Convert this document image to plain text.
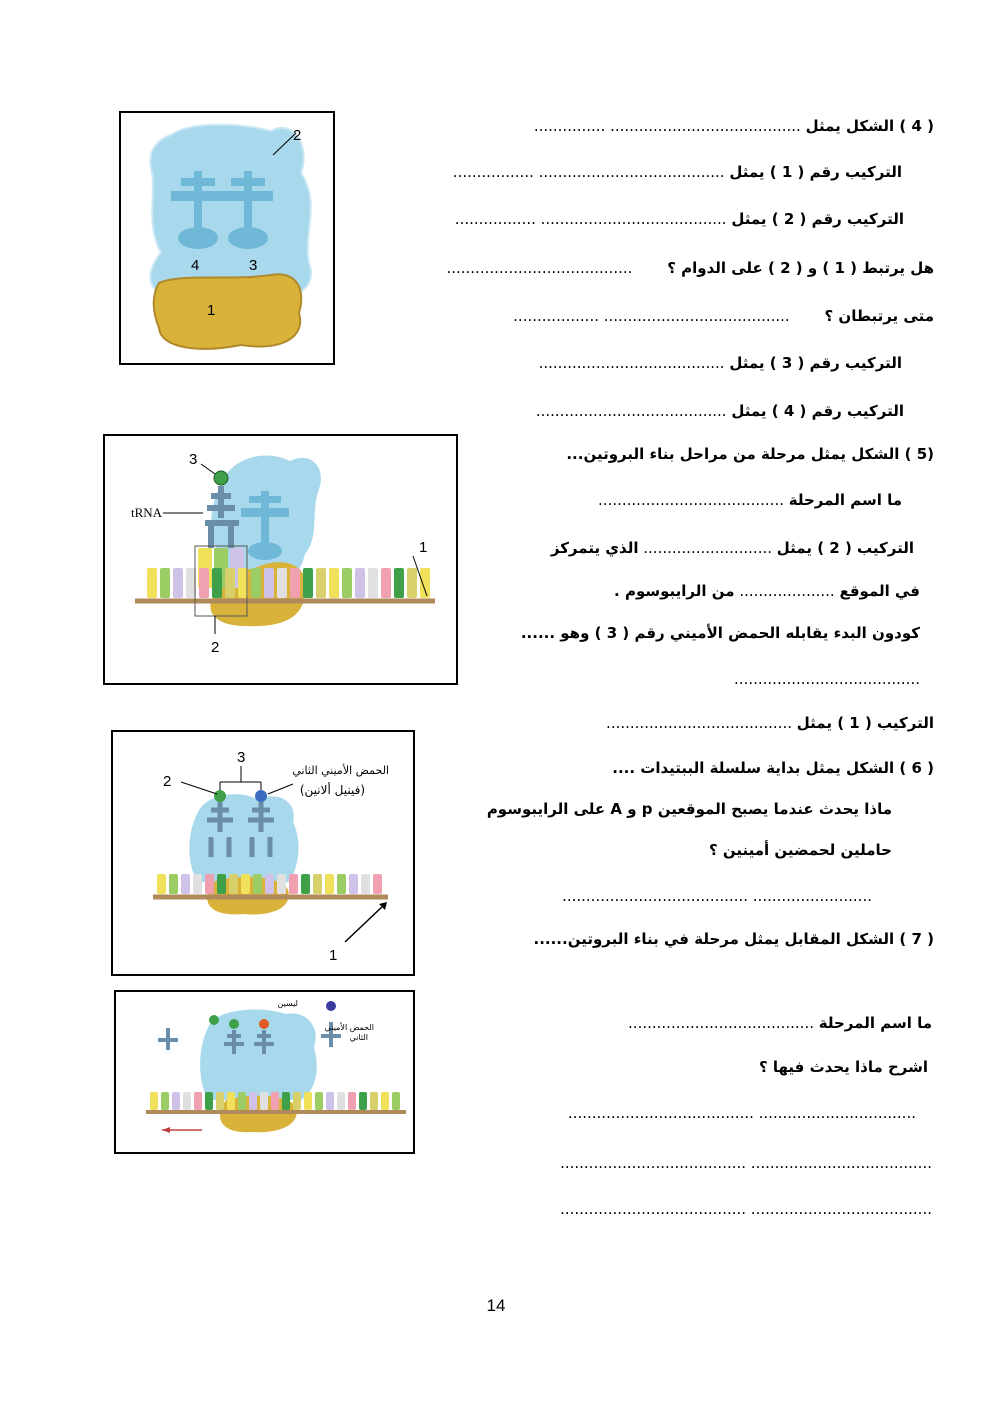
( 4 ) الشكل يمثل ........................................ ...............
التركيب رقم ( 1 ) يمثل ....................................... .................
التركيب رقم ( 2 ) يمثل ....................................... .................
هل يرتبط ( 1 ) و ( 2 ) على الدوام ؟ .......................................
متى يرتبطان ؟ ....................................... ..................
التركيب رقم ( 3 ) يمثل .......................................
التركيب رقم ( 4 ) يمثل ........................................
2
4	3
1
(5 ) الشكل يمثل مرحلة من مراحل بناء البروتين...
ما اسم المرحلة .......................................
التركيب ( 2 ) يمثل ........................... الذي يتمركز
في الموقع .................... من الرايبوسوم .
كودون البدء يقابله الحمض الأميني رقم ( 3 ) وهو ......
.......................................
التركيب ( 1 ) يمثل .......................................
3
tRNA
1
2
( 6 ) الشكل يمثل بداية سلسلة الببتيدات ....
ماذا يحدث عندما يصبح الموقعين p و A على الرايبوسوم
حاملين لحمضين أمينين ؟
......................... .......................................
3
2
1
الحمض الأميني الثاني
(فينيل ألانين)
( 7 ) الشكل المقابل يمثل مرحلة في بناء البروتين......
ما اسم المرحلة .......................................
اشرح ماذا يحدث فيها ؟
................................. .......................................
...................................... .......................................
...................................... .......................................
ليسين
الحمض الأميني
الثاني
14
